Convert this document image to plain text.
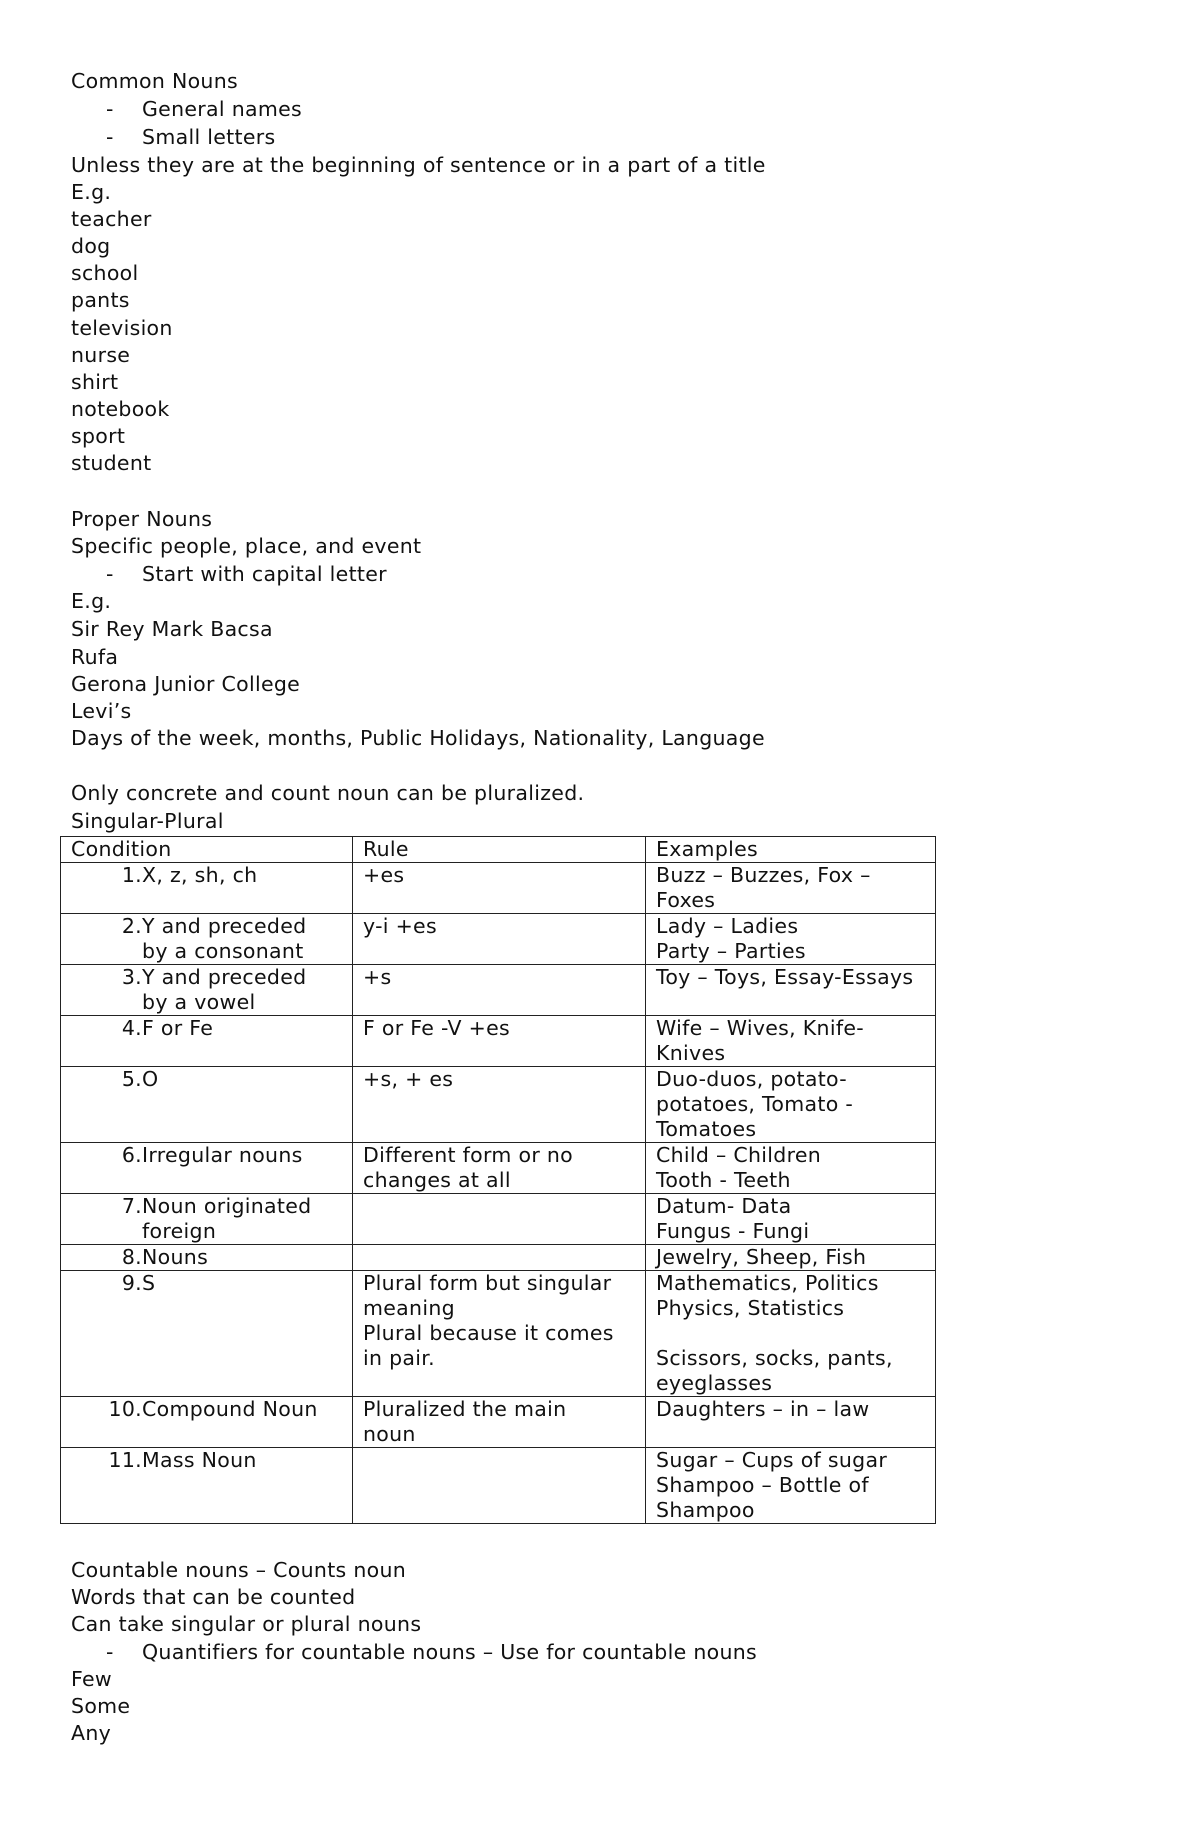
Common Nouns
- General names
- Small letters
Unless they are at the beginning of sentence or in a part of a title
E.g.
teacher
dog
school
pants
television
nurse
shirt
notebook
sport
student
Proper Nouns
Specific people, place, and event
- Start with capital letter
E.g.
Sir Rey Mark Bacsa
Rufa
Gerona Junior College
Levi’s
Days of the week, months, Public Holidays, Nationality, Language
Only concrete and count noun can be pluralized.
Singular-Plural
Condition	Rule	Examples

1. X, z, sh, ch	+es	Buzz – Buzzes, Fox –
Foxes

2. Y and preceded
by a consonant	y-i +es	Lady – Ladies
Party – Parties

3. Y and preceded
by a vowel	+s	Toy – Toys, Essay-Essays

4. F or Fe	F or Fe -V +es	Wife – Wives, Knife-
Knives

5. O	+s, + es	Duo-duos, potato-
potatoes, Tomato -
Tomatoes

6. Irregular nouns	Different form or no
changes at all	Child – Children
Tooth - Teeth

7. Noun originated
foreign		Datum- Data
Fungus - Fungi

8. Nouns		Jewelry, Sheep, Fish

9. S	Plural form but singular
meaning
Plural because it comes
in pair.	Mathematics, Politics
Physics, Statistics
Scissors, socks, pants,
eyeglasses

10. Compound Noun	Pluralized the main
noun	Daughters – in – law

11. Mass Noun		Sugar – Cups of sugar
Shampoo – Bottle of
Shampoo
Countable nouns – Counts noun
Words that can be counted
Can take singular or plural nouns
- Quantifiers for countable nouns – Use for countable nouns
Few
Some
Any
